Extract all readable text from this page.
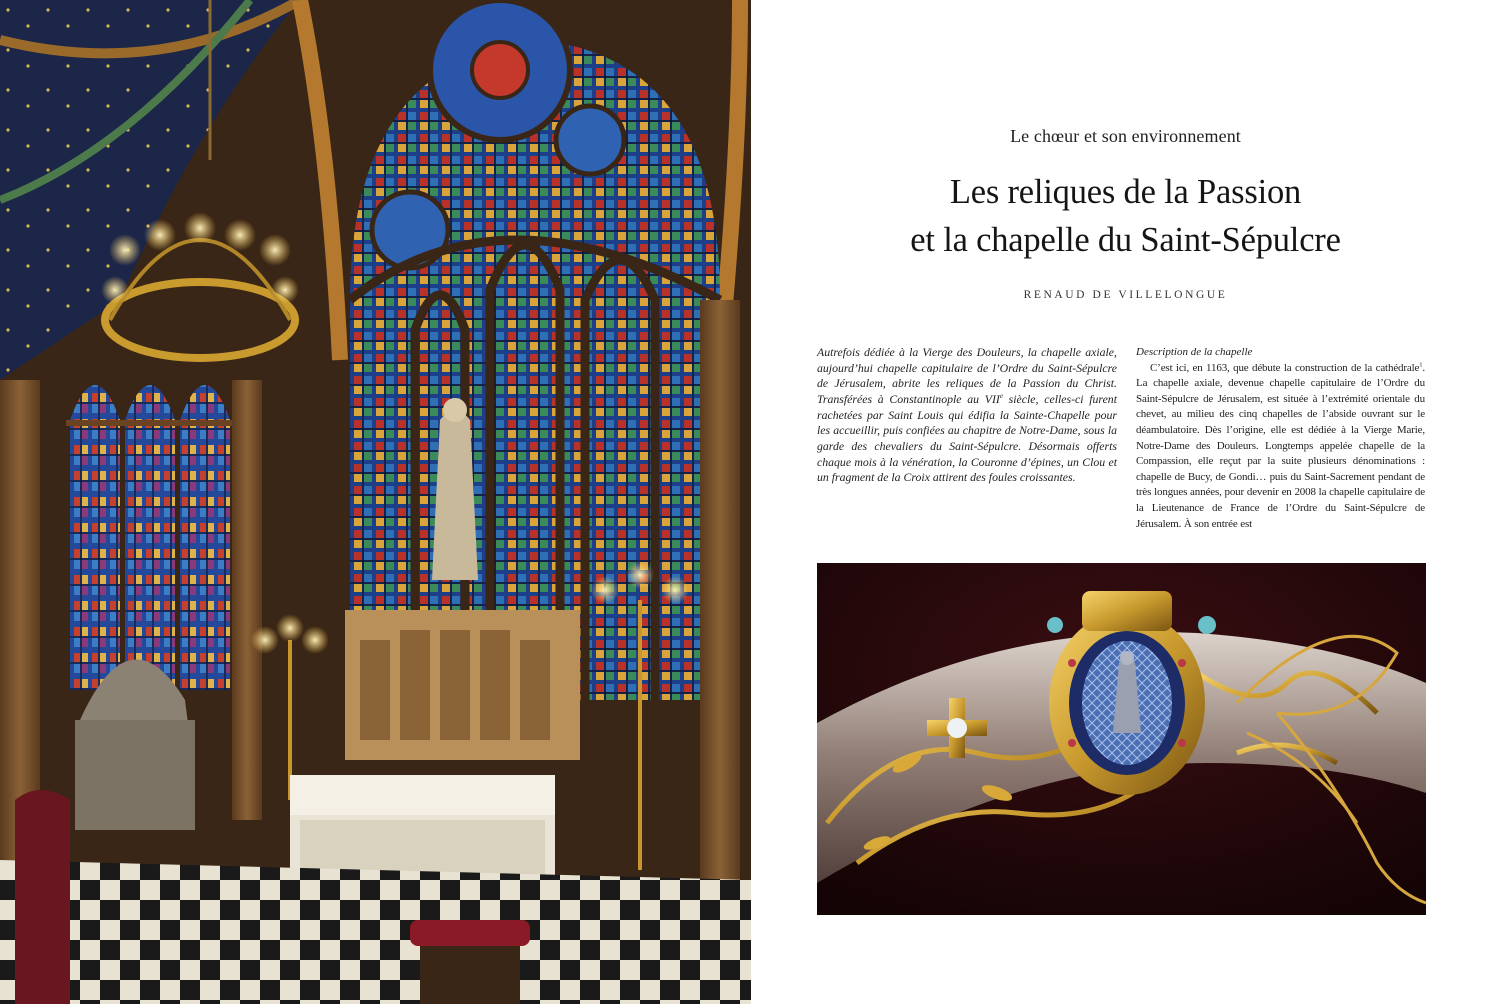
Le chœur et son environnement
Les reliques de la Passion
et la chapelle du Saint-Sépulcre
RENAUD DE VILLELONGUE

Autrefois dédiée à la Vierge des Douleurs, la chapelle axiale, aujourd’hui chapelle capitulaire de l’Ordre du Saint-Sépulcre de Jérusalem, abrite les reliques de la Passion du Christ. Transférées à Constantinople au VIIe siècle, celles-ci furent rachetées par Saint Louis qui édifia la Sainte-Chapelle pour les accueillir, puis confiées au chapitre de Notre-Dame, sous la garde des chevaliers du Saint-Sépulcre. Désormais offerts chaque mois à la vénération, la Couronne d’épines, un Clou et un fragment de la Croix attirent des foules croissantes.

Description de la chapelle

C’est ici, en 1163, que débute la construction de la cathédrale$^1$. La chapelle axiale, devenue chapelle capitulaire de l’Ordre du Saint-Sépulcre de Jérusalem, est située à l’extrémité orientale du chevet, au milieu des cinq chapelles de l’abside ouvrant sur le déambulatoire. Dès l’origine, elle est dédiée à la Vierge Marie, Notre-Dame des Douleurs. Longtemps appelée chapelle de la Compassion, elle reçut par la suite plusieurs dénominations : chapelle de Bucy, de Gondi… puis du Saint-Sacrement pendant de très longues années, pour devenir en 2008 la chapelle capitulaire de la Lieutenance de France de l’Ordre du Saint-Sépulcre de Jérusalem. À son entrée est
